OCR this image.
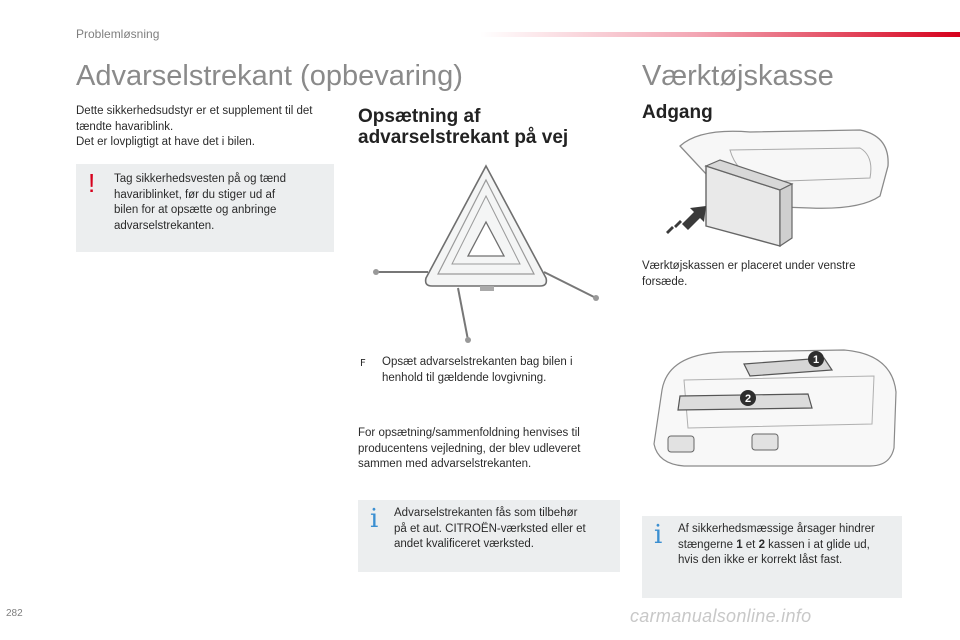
Problemløsning
Advarselstrekant (opbevaring)
Dette sikkerhedsudstyr er et supplement til det
tændte havariblink.
Det er lovpligtigt at have det i bilen.
! Tag sikkerhedsvesten på og tænd
havariblinket, før du stiger ud af
bilen for at opsætte og anbringe
advarselstrekanten.
Opsætning af
advarselstrekant på vej
F Opsæt advarselstrekanten bag bilen i
henhold til gældende lovgivning.
For opsætning/sammenfoldning henvises til
producentens vejledning, der blev udleveret
sammen med advarselstrekanten.
i Advarselstrekanten fås som tilbehør
på et aut. CITROËN-værksted eller et
andet kvalificeret værksted.
Værktøjskasse
Adgang
Værktøjskassen er placeret under venstre
forsæde.
1
2
i Af sikkerhedsmæssige årsager hindrer
stængerne 1 et 2 kassen i at glide ud,
hvis den ikke er korrekt låst fast.
282	carmanualsonline.info
